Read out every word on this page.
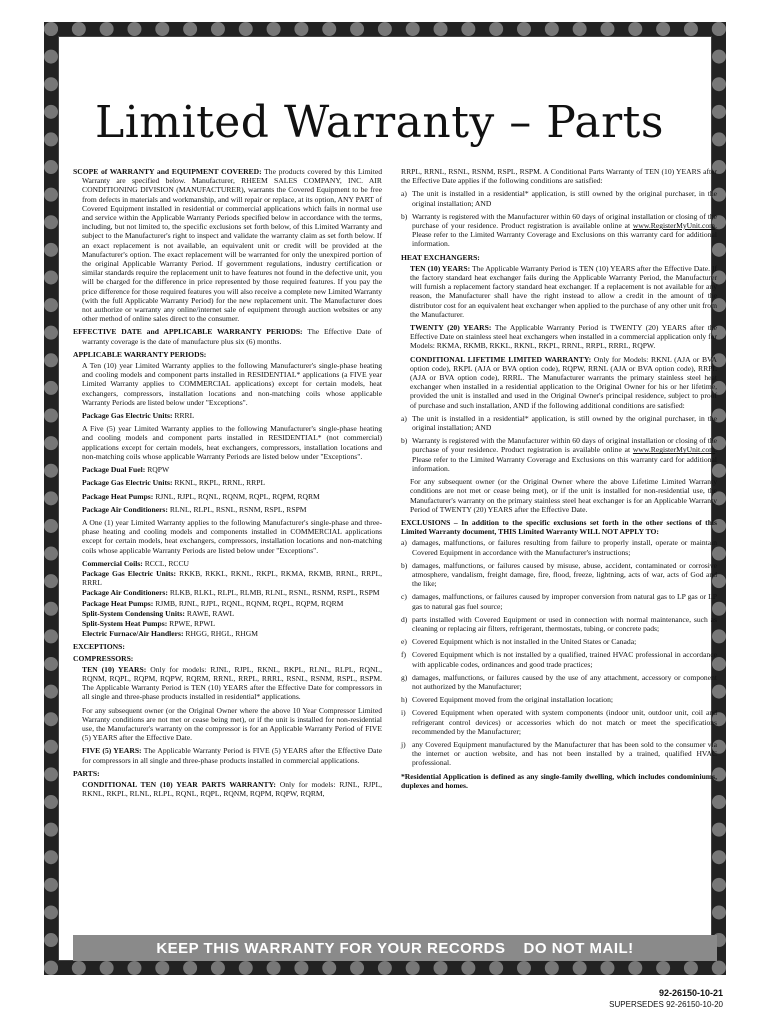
Limited Warranty – Parts

SCOPE of WARRANTY and EQUIPMENT COVERED: The products covered by this Limited Warranty are specified below. Manufacturer, RHEEM SALES COMPANY, INC. AIR CONDITIONING DIVISION (MANUFACTURER), warrants the Covered Equipment to be free from defects in materials and workmanship, and will repair or replace, at its option, ANY PART of Covered Equipment installed in residential or commercial applications which fails in normal use and service within the Applicable Warranty Periods specified below in accordance with the terms, including, but not limited to, the specific exclusions set forth below, of this Limited Warranty and subject to the Manufacturer's right to inspect and validate the warranty claim as set forth below. If an exact replacement is not available, an equivalent unit or credit will be provided at the Manufacturer's option. The exact replacement will be warranted for only the unexpired portion of the original Applicable Warranty Period. If government regulations, industry certification or similar standards require the replacement unit to have features not found in the defective unit, you will be charged for the difference in price represented by those required features. If you pay the price difference for those required features you will also receive a complete new Limited Warranty (with the full Applicable Warranty Period) for the new replacement unit. The Manufacturer does not authorize or warranty any online/internet sale of equipment through auction websites or any other method of online sales direct to the consumer.

EFFECTIVE DATE and APPLICABLE WARRANTY PERIODS: The Effective Date of warranty coverage is the date of manufacture plus six (6) months.

APPLICABLE WARRANTY PERIODS:

A Ten (10) year Limited Warranty applies to the following Manufacturer's single-phase heating and cooling models and component parts installed in RESIDENTIAL* applications (a FIVE year Limited Warranty applies to COMMERCIAL applications) except for certain models, heat exchangers, compressors, installation locations and non-matching coils whose applicable Warranty Periods are listed below under "Exceptions".

Package Gas Electric Units: RRRL

A Five (5) year Limited Warranty applies to the following Manufacturer's single-phase heating and cooling models and component parts installed in RESIDENTIAL* (not commercial) applications except for certain models, heat exchangers, compressors, installation locations and non-matching coils whose applicable Warranty Periods are listed below under "Exceptions".

Package Dual Fuel: RQPW

Package Gas Electric Units: RKNL, RKPL, RRNL, RRPL

Package Heat Pumps: RJNL, RJPL, RQNL, RQNM, RQPL, RQPM, RQRM

Package Air Conditioners: RLNL, RLPL, RSNL, RSNM, RSPL, RSPM

A One (1) year Limited Warranty applies to the following Manufacturer's single-phase and three-phase heating and cooling models and components installed in COMMERCIAL applications except for certain models, heat exchangers, compressors, installation locations and non-matching coils whose applicable Warranty Periods are listed below under "Exceptions".

Commercial Coils: RCCL, RCCU

Package Gas Electric Units: RKKB, RKKL, RKNL, RKPL, RKMA, RKMB, RRNL, RRPL, RRRL

Package Air Conditioners: RLKB, RLKL, RLPL, RLMB, RLNL, RSNL, RSNM, RSPL, RSPM

Package Heat Pumps: RJMB, RJNL, RJPL, RQNL, RQNM, RQPL, RQPM, RQRM

Split-System Condensing Units: RAWE, RAWL

Split-System Heat Pumps: RPWE, RPWL

Electric Furnace/Air Handlers: RHGG, RHGL, RHGM

EXCEPTIONS:
COMPRESSORS:

TEN (10) YEARS: Only for models: RJNL, RJPL, RKNL, RKPL, RLNL, RLPL, RQNL, RQNM, RQPL, RQPM, RQPW, RQRM, RRNL, RRPL, RRRL, RSNL, RSNM, RSPL, RSPM. The Applicable Warranty Period is TEN (10) YEARS after the Effective Date for compressors in all single and three-phase products installed in residential* applications.

For any subsequent owner (or the Original Owner where the above 10 Year Compressor Limited Warranty conditions are not met or cease being met), or if the unit is installed for non-residential use, the Manufacturer's warranty on the compressor is for an Applicable Warranty Period of FIVE (5) YEARS after the Effective Date.

FIVE (5) YEARS: The Applicable Warranty Period is FIVE (5) YEARS after the Effective Date for compressors in all single and three-phase products installed in commercial applications.

PARTS:

CONDITIONAL TEN (10) YEAR PARTS WARRANTY: Only for models: RJNL, RJPL, RKNL, RKPL, RLNL, RLPL, RQNL, RQPL, RQNM, RQPM, RQPW, RQRM,

RRPL, RRNL, RSNL, RSNM, RSPL, RSPM. A Conditional Parts Warranty of TEN (10) YEARS after the Effective Date applies if the following conditions are satisfied:

a) The unit is installed in a residential* application, is still owned by the original purchaser, in the original installation; AND
b) Warranty is registered with the Manufacturer within 60 days of original installation or closing of the purchase of your residence. Product registration is available online at www.RegisterMyUnit.com. Please refer to the Limited Warranty Coverage and Exclusions on this warranty card for additional information.
HEAT EXCHANGERS:

TEN (10) YEARS: The Applicable Warranty Period is TEN (10) YEARS after the Effective Date. If the factory standard heat exchanger fails during the Applicable Warranty Period, the Manufacturer will furnish a replacement factory standard heat exchanger. If a replacement is not available for any reason, the Manufacturer shall have the right instead to allow a credit in the amount of the distributor cost for an equivalent heat exchanger when applied to the purchase of any other unit from the Manufacturer.

TWENTY (20) YEARS: The Applicable Warranty Period is TWENTY (20) YEARS after the Effective Date on stainless steel heat exchangers when installed in a commercial application only for Models: RKMA, RKMB, RKKL, RKNL, RKPL, RRNL, RRPL, RRRL, RQPW.

CONDITIONAL LIFETIME LIMITED WARRANTY: Only for Models: RKNL (AJA or BVA option code), RKPL (AJA or BVA option code), RQPW, RRNL (AJA or BVA option code), RRPL (AJA or BVA option code), RRRL. The Manufacturer warrants the primary stainless steel heat exchanger when installed in a residential application to the Original Owner for his or her lifetime, provided the unit is installed and used in the Original Owner's principal residence, subject to proof of purchase and such installation, AND if the following additional conditions are satisfied:

a) The unit is installed in a residential* application, is still owned by the original purchaser, in the original installation; AND
b) Warranty is registered with the Manufacturer within 60 days of original installation or closing of the purchase of your residence. Product registration is available online at www.RegisterMyUnit.com. Please refer to the Limited Warranty Coverage and Exclusions on this warranty card for additional information.

For any subsequent owner (or the Original Owner where the above Lifetime Limited Warranty conditions are not met or cease being met), or if the unit is installed for non-residential use, the Manufacturer's warranty on the primary stainless steel heat exchanger is for an Applicable Warranty Period of TWENTY (20) YEARS after the Effective Date.

EXCLUSIONS – In addition to the specific exclusions set forth in the other sections of this Limited Warranty document, THIS Limited Warranty WILL NOT APPLY TO:

a) damages, malfunctions, or failures resulting from failure to properly install, operate or maintain Covered Equipment in accordance with the Manufacturer's instructions;
b) damages, malfunctions, or failures caused by misuse, abuse, accident, contaminated or corrosive atmosphere, vandalism, freight damage, fire, flood, freeze, lightning, acts of war, acts of God and the like;
c) damages, malfunctions, or failures caused by improper conversion from natural gas to LP gas or LP gas to natural gas fuel source;
d) parts installed with Covered Equipment or used in connection with normal maintenance, such as cleaning or replacing air filters, refrigerant, thermostats, tubing, or concrete pads;
e) Covered Equipment which is not installed in the United States or Canada;
f) Covered Equipment which is not installed by a qualified, trained HVAC professional in accordance with applicable codes, ordinances and good trade practices;
g) damages, malfunctions, or failures caused by the use of any attachment, accessory or component not authorized by the Manufacturer;
h) Covered Equipment moved from the original installation location;
i) Covered Equipment when operated with system components (indoor unit, outdoor unit, coil and refrigerant control devices) or accessories which do not match or meet the specifications recommended by the Manufacturer;
j) any Covered Equipment manufactured by the Manufacturer that has been sold to the consumer via the internet or auction website, and has not been installed by a trained, qualified HVAC professional.

*Residential Application is defined as any single-family dwelling, which includes condominiums, duplexes and homes.

KEEP THIS WARRANTY FOR YOUR RECORDS DO NOT MAIL!
92-26150-10-21
SUPERSEDES 92-26150-10-20
